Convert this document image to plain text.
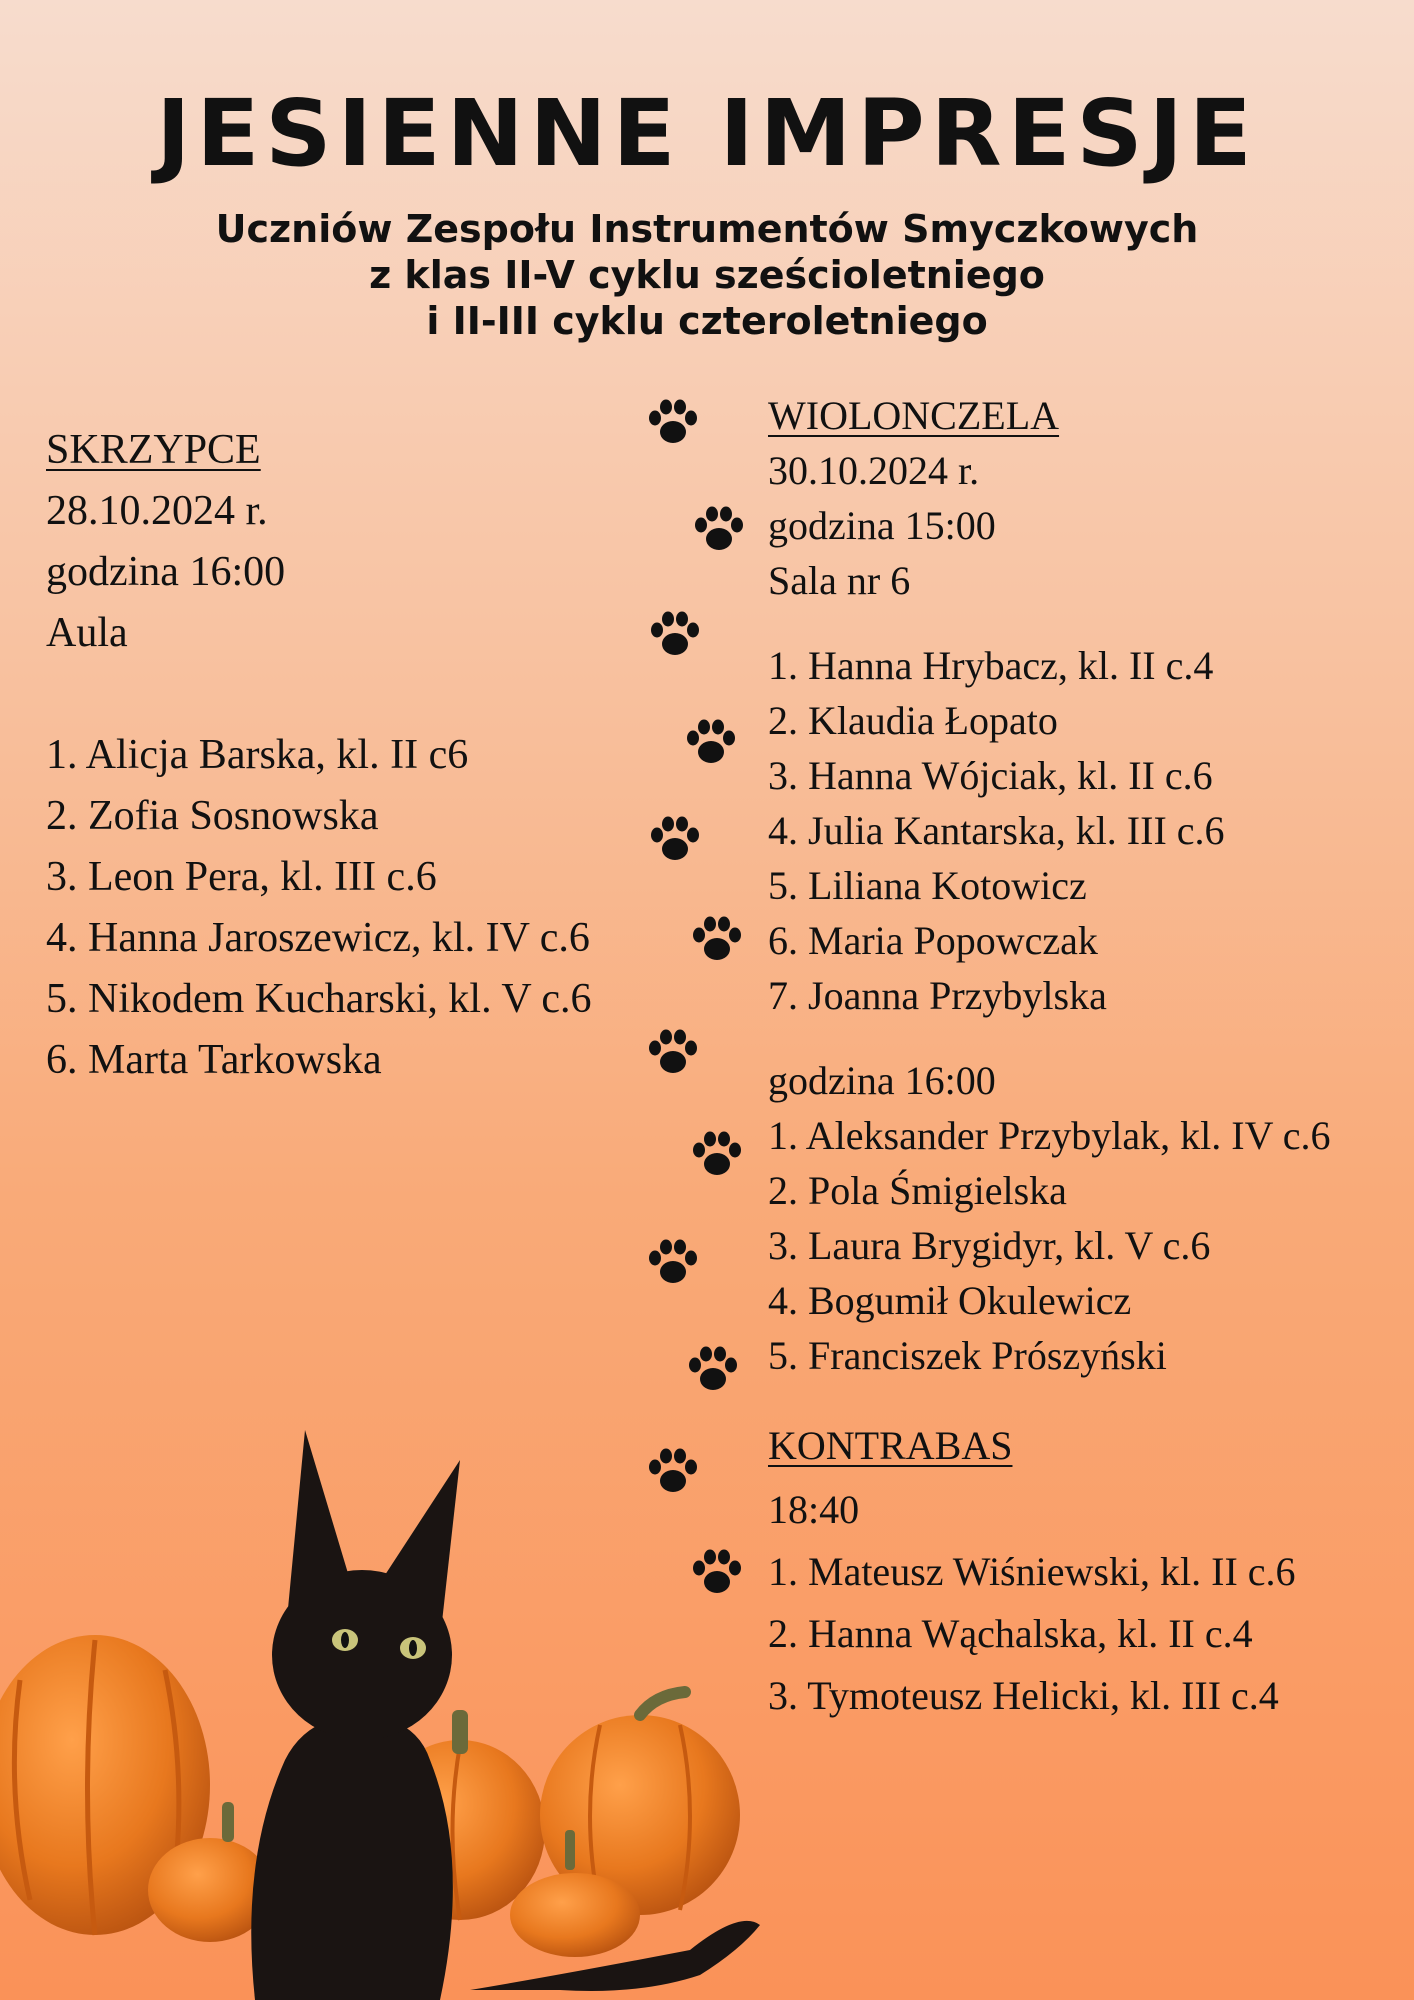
JESIENNE IMPRESJE
Uczniów Zespołu Instrumentów Smyczkowych
z klas II-V cyklu sześcioletniego
i II-III cyklu czteroletniego
SKRZYPCE
28.10.2024 r.
godzina 16:00
Aula
1. Alicja Barska, kl. II c6
2. Zofia Sosnowska
3. Leon Pera, kl. III c.6
4. Hanna Jaroszewicz, kl. IV c.6
5. Nikodem Kucharski, kl. V c.6
6. Marta Tarkowska
WIOLONCZELA
30.10.2024 r.
godzina 15:00
Sala nr 6
1. Hanna Hrybacz, kl. II c.4
2. Klaudia Łopato
3. Hanna Wójciak, kl. II c.6
4. Julia Kantarska, kl. III c.6
5. Liliana Kotowicz
6. Maria Popowczak
7. Joanna Przybylska
godzina 16:00
1. Aleksander Przybylak, kl. IV c.6
2. Pola Śmigielska
3. Laura Brygidyr, kl. V c.6
4. Bogumił Okulewicz
5. Franciszek Prószyński
KONTRABAS
18:40
1. Mateusz Wiśniewski, kl. II c.6
2. Hanna Wąchalska, kl. II c.4
3. Tymoteusz Helicki, kl. III c.4
